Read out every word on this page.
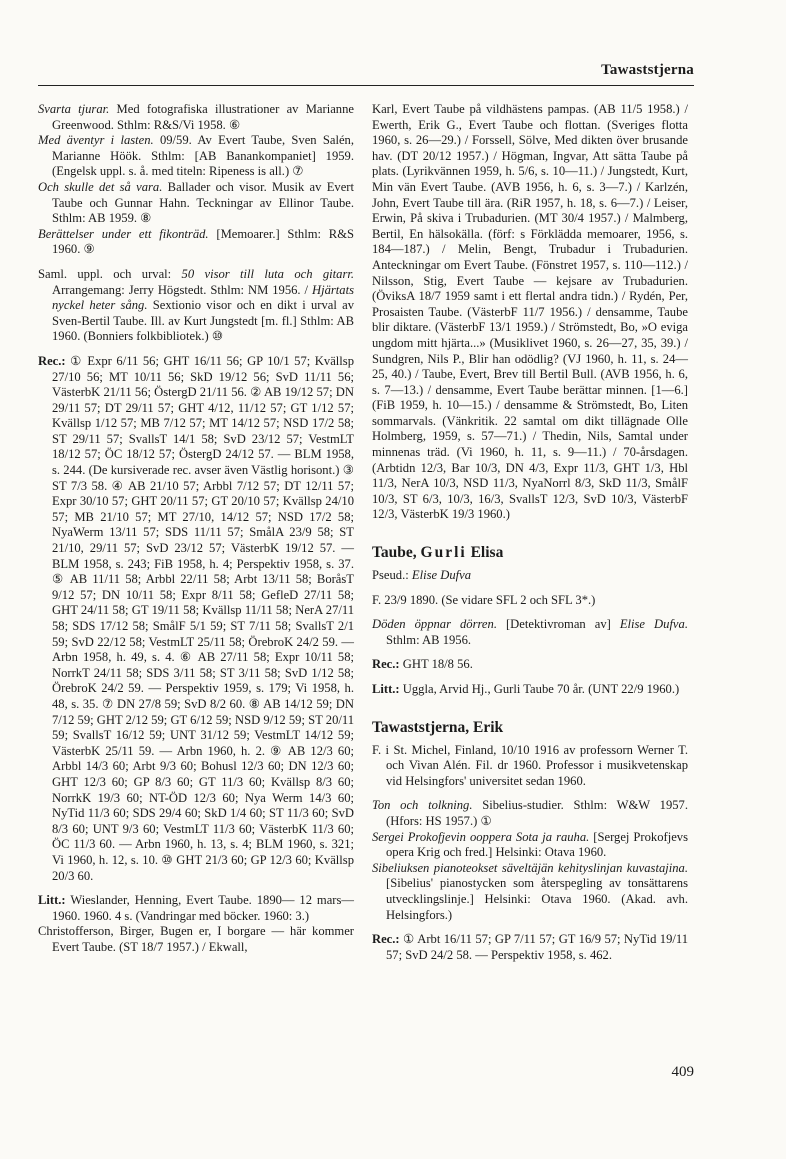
Tawaststjerna

Svarta tjurar. Med fotografiska illustrationer av Marianne Greenwood. Sthlm: R&S/Vi 1958. ⑥

Med äventyr i lasten. 09/59. Av Evert Taube, Sven Salén, Marianne Höök. Sthlm: [AB Banankompaniet] 1959. (Engelsk uppl. s. å. med titeln: Ripeness is all.) ⑦

Och skulle det så vara. Ballader och visor. Musik av Evert Taube och Gunnar Hahn. Teckningar av Ellinor Taube. Sthlm: AB 1959. ⑧

Berättelser under ett fikonträd. [Memoarer.] Sthlm: R&S 1960. ⑨

Saml. uppl. och urval: 50 visor till luta och gitarr. Arrangemang: Jerry Högstedt. Sthlm: NM 1956. / Hjärtats nyckel heter sång. Sextionio visor och en dikt i urval av Sven-Bertil Taube. Ill. av Kurt Jungstedt [m. fl.] Sthlm: AB 1960. (Bonniers folkbibliotek.) ⑩

Rec.: ① Expr 6/11 56; GHT 16/11 56; GP 10/1 57; Kvällsp 27/10 56; MT 10/11 56; SkD 19/12 56; SvD 11/11 56; VästerbK 21/11 56; ÖstergD 21/11 56. ② AB 19/12 57; DN 29/11 57; DT 29/11 57; GHT 4/12, 11/12 57; GT 1/12 57; Kvällsp 1/12 57; MB 7/12 57; MT 14/12 57; NSD 17/2 58; ST 29/11 57; SvallsT 14/1 58; SvD 23/12 57; VestmLT 18/12 57; ÖC 18/12 57; ÖstergD 24/12 57. — BLM 1958, s. 244. (De kursiverade rec. avser även Västlig horisont.) ③ ST 7/3 58. ④ AB 21/10 57; Arbbl 7/12 57; DT 12/11 57; Expr 30/10 57; GHT 20/11 57; GT 20/10 57; Kvällsp 24/10 57; MB 21/10 57; MT 27/10, 14/12 57; NSD 17/2 58; NyaWerm 13/11 57; SDS 11/11 57; SmålA 23/9 58; ST 21/10, 29/11 57; SvD 23/12 57; VästerbK 19/12 57. — BLM 1958, s. 243; FiB 1958, h. 4; Perspektiv 1958, s. 37. ⑤ AB 11/11 58; Arbbl 22/11 58; Arbt 13/11 58; BoråsT 9/12 57; DN 10/11 58; Expr 8/11 58; GefleD 27/11 58; GHT 24/11 58; GT 19/11 58; Kvällsp 11/11 58; NerA 27/11 58; SDS 17/12 58; SmålF 5/1 59; ST 7/11 58; SvallsT 2/1 59; SvD 22/12 58; VestmLT 25/11 58; ÖrebroK 24/2 59. — Arbn 1958, h. 49, s. 4. ⑥ AB 27/11 58; Expr 10/11 58; NorrkT 24/11 58; SDS 3/11 58; ST 3/11 58; SvD 1/12 58; ÖrebroK 24/2 59. — Perspektiv 1959, s. 179; Vi 1958, h. 48, s. 35. ⑦ DN 27/8 59; SvD 8/2 60. ⑧ AB 14/12 59; DN 7/12 59; GHT 2/12 59; GT 6/12 59; NSD 9/12 59; ST 20/11 59; SvallsT 16/12 59; UNT 31/12 59; VestmLT 14/12 59; VästerbK 25/11 59. — Arbn 1960, h. 2. ⑨ AB 12/3 60; Arbbl 14/3 60; Arbt 9/3 60; Bohusl 12/3 60; DN 12/3 60; GHT 12/3 60; GP 8/3 60; GT 11/3 60; Kvällsp 8/3 60; NorrkK 19/3 60; NT-ÖD 12/3 60; Nya Werm 14/3 60; NyTid 11/3 60; SDS 29/4 60; SkD 1/4 60; ST 11/3 60; SvD 8/3 60; UNT 9/3 60; VestmLT 11/3 60; VästerbK 11/3 60; ÖC 11/3 60. — Arbn 1960, h. 13, s. 4; BLM 1960, s. 321; Vi 1960, h. 12, s. 10. ⑩ GHT 21/3 60; GP 12/3 60; Kvällsp 20/3 60.

Litt.: Wieslander, Henning, Evert Taube. 1890— 12 mars—1960. 1960. 4 s. (Vandringar med böcker. 1960: 3.)

Christofferson, Birger, Bugen er, I borgare — här kommer Evert Taube. (ST 18/7 1957.) / Ekwall,

Karl, Evert Taube på vildhästens pampas. (AB 11/5 1958.) / Ewerth, Erik G., Evert Taube och flottan. (Sveriges flotta 1960, s. 26—29.) / Forssell, Sölve, Med dikten över brusande hav. (DT 20/12 1957.) / Högman, Ingvar, Att sätta Taube på plats. (Lyrikvännen 1959, h. 5/6, s. 10—11.) / Jungstedt, Kurt, Min vän Evert Taube. (AVB 1956, h. 6, s. 3—7.) / Karlzén, John, Evert Taube till ära. (RiR 1957, h. 18, s. 6—7.) / Leiser, Erwin, På skiva i Trubadurien. (MT 30/4 1957.) / Malmberg, Bertil, En hälsokälla. (förf: s Förklädda memoarer, 1956, s. 184—187.) / Melin, Bengt, Trubadur i Trubadurien. Anteckningar om Evert Taube. (Fönstret 1957, s. 110—112.) / Nilsson, Stig, Evert Taube — kejsare av Trubadurien. (ÖviksA 18/7 1959 samt i ett flertal andra tidn.) / Rydén, Per, Prosaisten Taube. (VästerbF 11/7 1956.) / densamme, Taube blir diktare. (VästerbF 13/1 1959.) / Strömstedt, Bo, »O eviga ungdom mitt hjärta...» (Musiklivet 1960, s. 26—27, 35, 39.) / Sundgren, Nils P., Blir han odödlig? (VJ 1960, h. 11, s. 24—25, 40.) / Taube, Evert, Brev till Bertil Bull. (AVB 1956, h. 6, s. 7—13.) / densamme, Evert Taube berättar minnen. [1—6.] (FiB 1959, h. 10—15.) / densamme & Strömstedt, Bo, Liten sommarvals. (Vänkritik. 22 samtal om dikt tillägnade Olle Holmberg, 1959, s. 57—71.) / Thedin, Nils, Samtal under minnenas träd. (Vi 1960, h. 11, s. 9—11.) / 70-årsdagen. (Arbtidn 12/3, Bar 10/3, DN 4/3, Expr 11/3, GHT 1/3, Hbl 11/3, NerA 10/3, NSD 11/3, NyaNorrl 8/3, SkD 11/3, SmålF 10/3, ST 6/3, 10/3, 16/3, SvallsT 12/3, SvD 10/3, VästerbF 12/3, VästerbK 19/3 1960.)

Taube, Gurli Elisa

Pseud.: Elise Dufva

F. 23/9 1890. (Se vidare SFL 2 och SFL 3*.)

Döden öppnar dörren. [Detektivroman av] Elise Dufva. Sthlm: AB 1956.

Rec.: GHT 18/8 56.

Litt.: Uggla, Arvid Hj., Gurli Taube 70 år. (UNT 22/9 1960.)

Tawaststjerna, Erik

F. i St. Michel, Finland, 10/10 1916 av professorn Werner T. och Vivan Alén. Fil. dr 1960. Professor i musikvetenskap vid Helsingfors' universitet sedan 1960.

Ton och tolkning. Sibelius-studier. Sthlm: W&W 1957. (Hfors: HS 1957.) ①

Sergei Prokofjevin ooppera Sota ja rauha. [Sergej Prokofjevs opera Krig och fred.] Helsinki: Otava 1960.

Sibeliuksen pianoteokset säveltäjän kehityslinjan kuvastajina. [Sibelius' pianostycken som återspegling av tonsättarens utvecklingslinje.] Helsinki: Otava 1960. (Akad. avh. Helsingfors.)

Rec.: ① Arbt 16/11 57; GP 7/11 57; GT 16/9 57; NyTid 19/11 57; SvD 24/2 58. — Perspektiv 1958, s. 462.

409
